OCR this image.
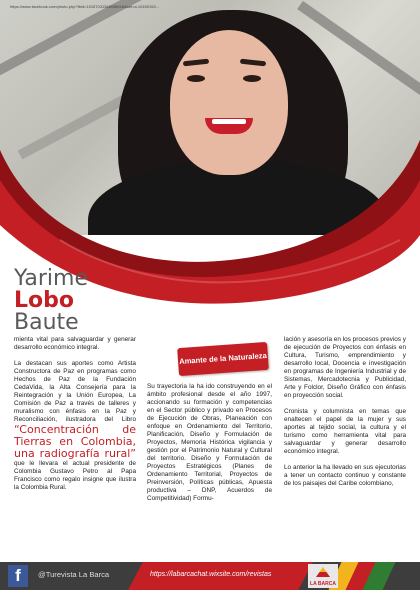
https://www.facebook.com/photo.php?fbid=10157031368098018&set=a.10150153...
Yarime
Lobo
Baute
Amante de la Naturaleza

mienta vital para salvaguardar y generar desarrollo económico integral.

La destacan sus aportes como Artista Constructora de Paz en programas como Hechos de Paz de la Fundación CedaVida, la Alta Consejería para la Reintegración y la Unión Europea, La Comisión de Paz a través de talleres y muralismo con énfasis en la Paz y Reconciliación, ilustradora del Libro “Concentración de Tierras en Colombia, una radiografía rural” que le llevara el actual presidente de Colombia Gustavo Petro al Papa Francisco como regalo insigne que ilustra la Colombia Rural.

Su trayectoria la ha ido construyendo en el ámbito profesional desde el año 1997, accionando su formación y competencias en el Sector público y privado en Procesos de Ejecución de Obras, Planeación con enfoque en Ordenamiento del Territorio, Planificación, Diseño y Formulación de Proyectos, Memoria Histórica vigilancia y gestión por el Patrimonio Natural y Cultural del territorio. Diseño y Formulación de Proyectos Estratégicos (Planes de Ordenamiento Territorial, Proyectos de Preinversión, Políticas públicas, Apuesta productiva – DNP, Acuerdos de Competitividad) Formu-

lación y asesoría en los procesos previos y de ejecución de Proyectos con énfasis en Cultura, Turismo, emprendimiento y desarrollo local, Docencia e investigación en programas de Ingeniería Industrial y de Sistemas, Mercadotecnia y Publicidad, Arte y Folclor, Diseño Gráfico con énfasis en proyección social.

Cronista y columnista en temas que enaltecen el papel de la mujer y sus aportes al tejido social, la cultura y el turismo como herramienta vital para salvaguardar y generar desarrollo económico integral.

Lo anterior la ha llevado en sus ejecutorias a tener un contacto continuo y constante de los paisajes del Caribe colombiano,

f	@Turevista La Barca	https://labarcachat.wixsite.com/revistas
LA BARCA
